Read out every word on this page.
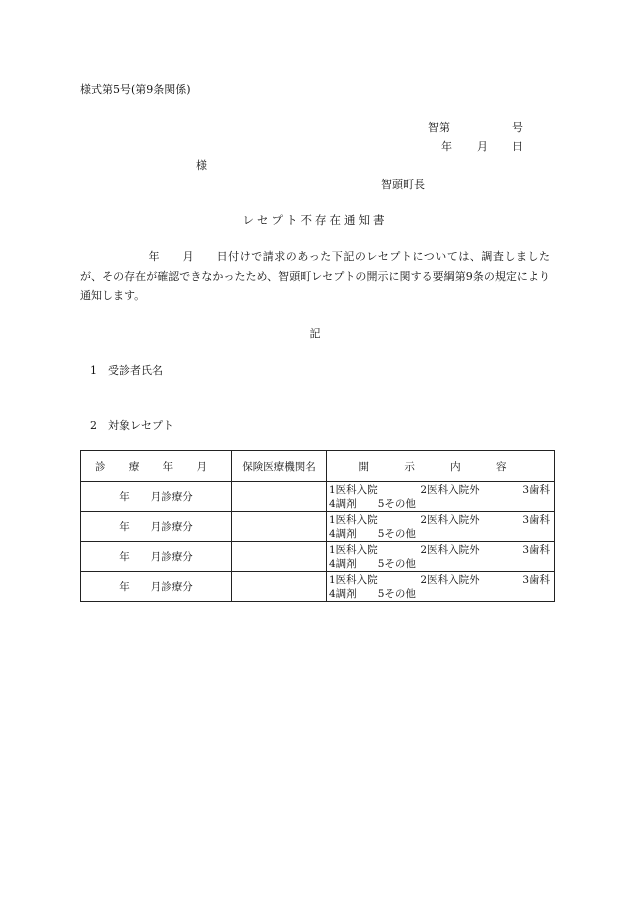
様式第5号(第9条関係)
智第	号
年 月 日
様
智頭町長
レセプト不存在通知書
年 月 日付けで請求のあった下記のレセプトについては、調査しましたが、その存在が確認できなかったため、智頭町レセプトの開示に関する要綱第9条の規定により通知します。
記
1　受診者氏名
2　対象レセプト
診 療 年 月	保険医療機関名	開 示 内 容
年　　月診療分		1医科入院 2医科入院外 3歯科
4調剤　　 5その他

年　　月診療分		1医科入院 2医科入院外 3歯科
4調剤　　 5その他

年　　月診療分		1医科入院 2医科入院外 3歯科
4調剤　　 5その他

年　　月診療分		1医科入院 2医科入院外 3歯科
4調剤　　 5その他
